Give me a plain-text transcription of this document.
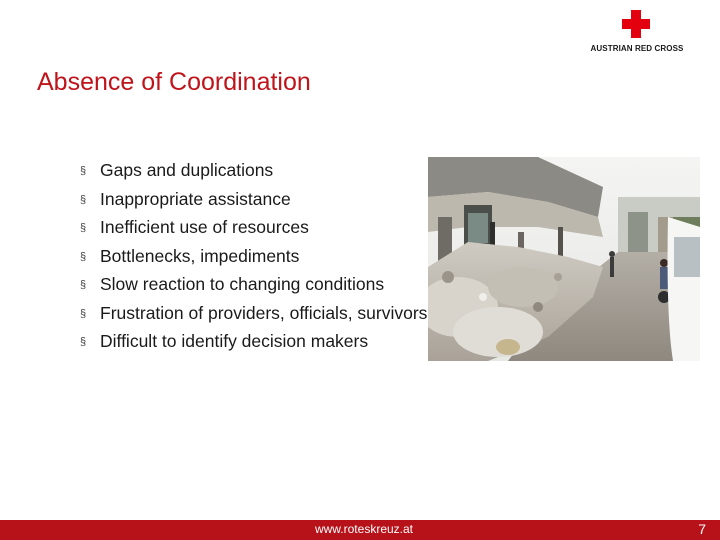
AUSTRIAN RED CROSS
Absence of Coordination
§ Gaps and duplications
§ Inappropriate assistance
§ Inefficient use of resources
§ Bottlenecks, impediments
§ Slow reaction to changing conditions
§ Frustration of providers, officials, survivors
§ Difficult to identify decision makers
www.roteskreuz.at	7
